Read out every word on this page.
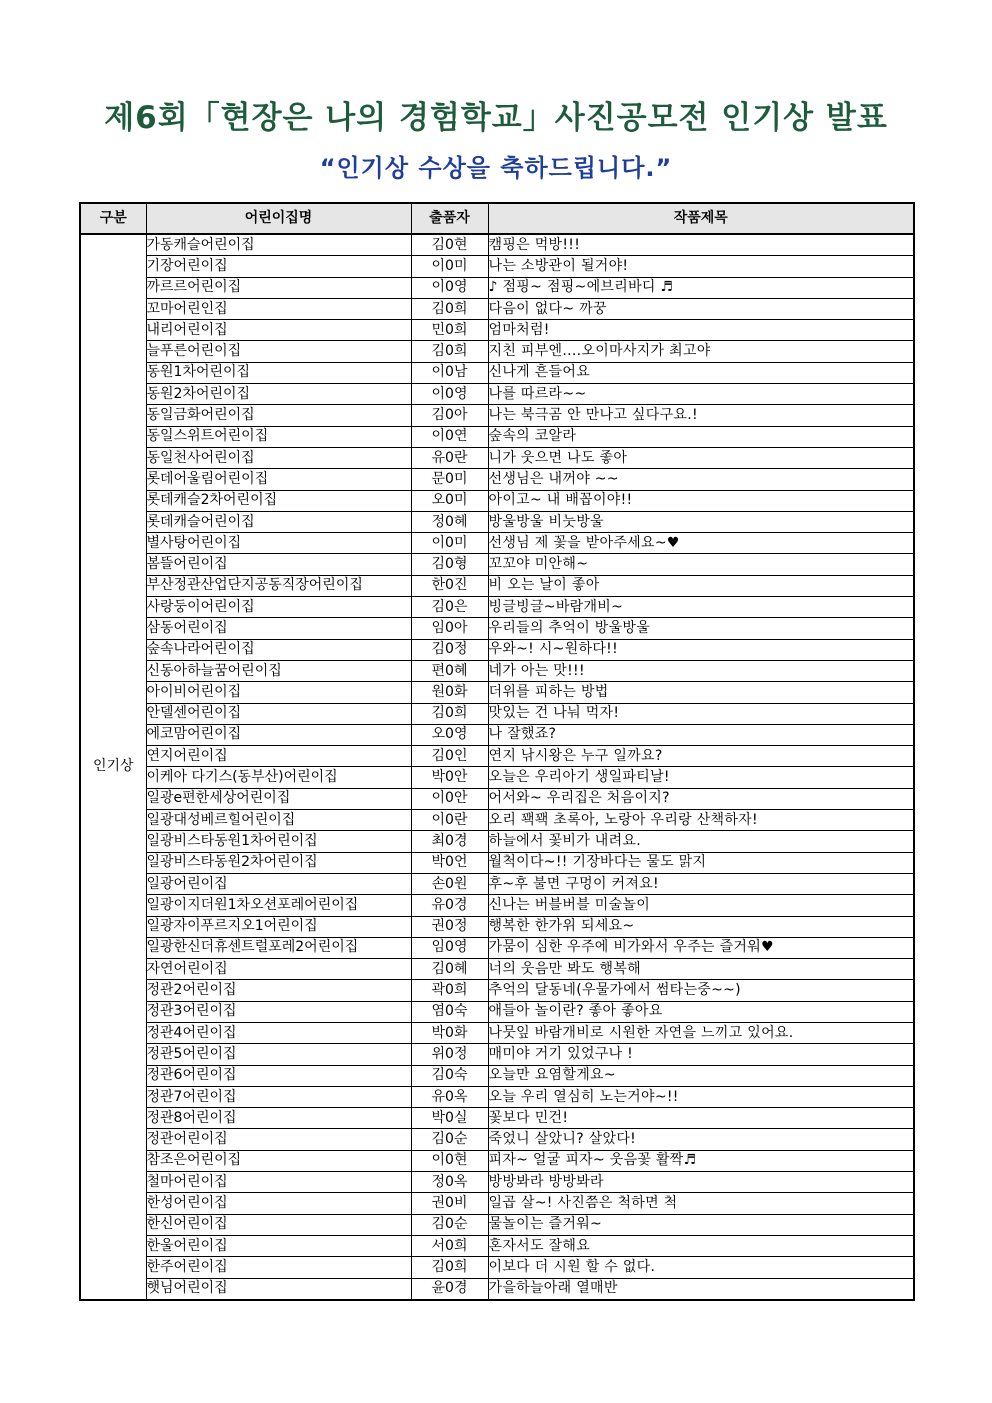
제6회「현장은 나의 경험학교」사진공모전 인기상 발표

“인기상 수상을 축하드립니다.”

구분	어린이집명	출품자	작품제목
인기상	가동캐슬어린이집	김0현	캠핑은 먹방!!!
	기장어린이집	이0미	나는 소방관이 될거야!
	까르르어린이집	이0영	♪ 점핑~ 점핑~에브리바디 ♬
	꼬마어린인집	김0희	다음이 없다~ 까꿍
	내리어린이집	민0희	엄마처럼!
	늘푸른어린이집	김0희	지친 피부엔....오이마사지가 최고야
	동원1차어린이집	이0남	신나게 흔들어요
	동원2차어린이집	이0영	나를 따르라~~
	동일금화어린이집	김0아	나는 북극곰 안 만나고 싶다구요.!
	동일스위트어린이집	이0연	숲속의 코알라
	동일천사어린이집	유0란	니가 웃으면 나도 좋아
	롯데어울림어린이집	문0미	선생님은 내꺼야 ~~
	롯데캐슬2차어린이집	오0미	아이고~ 내 배꼽이야!!
	롯데캐슬어린이집	정0혜	방울방울 비눗방울
	별사탕어린이집	이0미	선생님 제 꽃을 받아주세요~♥
	봄뜰어린이집	김0형	꼬꼬야 미안해~
	부산정관산업단지공동직장어린이집	한0진	비 오는 날이 좋아
	사랑둥이어린이집	김0은	빙글빙글~바람개비~
	삼동어린이집	임0아	우리들의 추억이 방울방울
	숲속나라어린이집	김0정	우와~! 시~원하다!!
	신동아하늘꿈어린이집	편0혜	네가 아는 맛!!!
	아이비어린이집	원0화	더위를 피하는 방법
	안델센어린이집	김0희	맛있는 건 나눠 먹자!
	에코맘어린이집	오0영	나 잘했죠?
	연지어린이집	김0인	연지 낚시왕은 누구 일까요?
	이케아 다기스(동부산)어린이집	박0안	오늘은 우리아기 생일파티날!
	일광e편한세상어린이집	이0안	어서와~ 우리집은 처음이지?
	일광대성베르힐어린이집	이0란	오리 꽥꽥 초록아, 노랑아 우리랑 산책하자!
	일광비스타동원1차어린이집	최0경	하늘에서 꽃비가 내려요.
	일광비스타동원2차어린이집	박0언	월척이다~!! 기장바다는 물도 맑지
	일광어린이집	손0원	후~후 불면 구멍이 커져요!
	일광이지더원1차오션포레어린이집	유0경	신나는 버블버블 미술놀이
	일광자이푸르지오1어린이집	권0정	행복한 한가위 되세요~
	일광한신더휴센트럴포레2어린이집	임0영	가뭄이 심한 우주에 비가와서 우주는 즐거워♥
	자연어린이집	김0혜	너의 웃음만 봐도 행복해
	정관2어린이집	곽0희	추억의 달동네(우물가에서 썸타는중~~)
	정관3어린이집	염0숙	애들아 놀이란? 좋아 좋아요
	정관4어린이집	박0화	나뭇잎 바람개비로 시원한 자연을 느끼고 있어요.
	정관5어린이집	위0정	매미야 거기 있었구나 !
	정관6어린이집	김0숙	오늘만 요염할게요~
	정관7어린이집	유0옥	오늘 우리 열심히 노는거야~!!
	정관8어린이집	박0실	꽃보다 민건!
	정관어린이집	김0순	죽었니 살았니? 살았다!
	참조은어린이집	이0현	피자~ 얼굴 피자~ 웃음꽃 활짝♬
	철마어린이집	정0옥	방방봐라 방방봐라
	한성어린이집	권0비	일곱 살~! 사진쯤은 척하면 척
	한신어린이집	김0순	물놀이는 즐거워~
	한울어린이집	서0희	혼자서도 잘해요
	한주어린이집	김0희	이보다 더 시원 할 수 없다.
	햇님어린이집	윤0경	가을하늘아래 열매반
